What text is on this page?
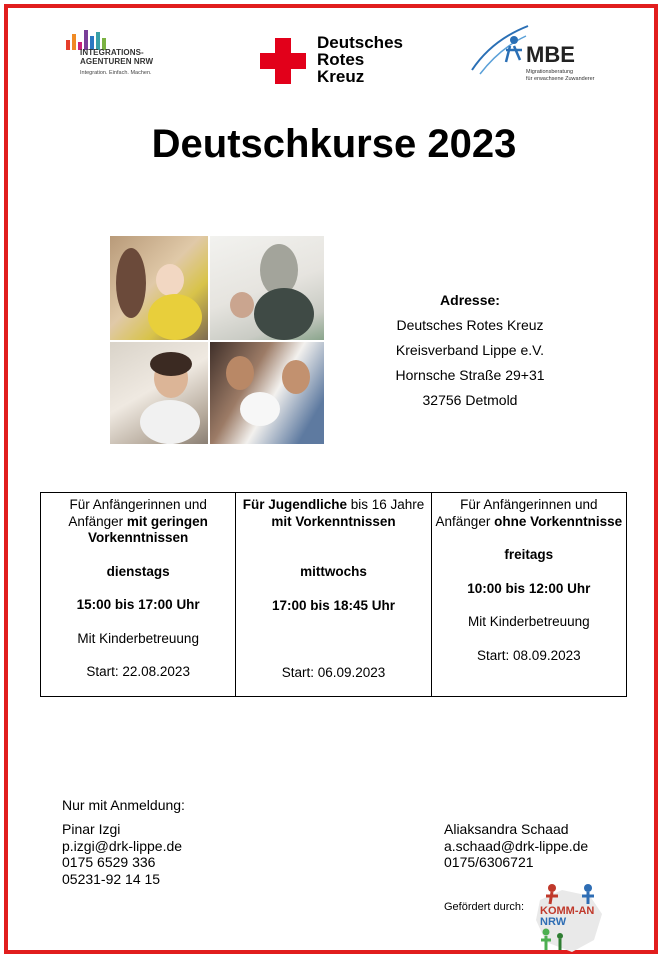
INTEGRATIONS-
AGENTUREN NRW
Integration. Einfach. Machen.
Deutsches
Rotes
Kreuz
MBE
Migrationsberatung
für erwachsene Zuwanderer
Deutschkurse 2023
Adresse:
Deutsches Rotes Kreuz
Kreisverband Lippe e.V.
Hornsche Straße 29+31
32756 Detmold

Für Anfängerinnen und Anfänger mit geringen Vorkenntnissen

dienstags

15:00 bis 17:00 Uhr

Mit Kinderbetreuung

Start: 22.08.2023

Für Jugendliche bis 16 Jahre mit Vorkenntnissen

mittwochs

17:00 bis 18:45 Uhr

Start: 06.09.2023

Für Anfängerinnen und Anfänger ohne Vorkenntnisse

freitags

10:00 bis 12:00 Uhr

Mit Kinderbetreuung

Start: 08.09.2023

Nur mit Anmeldung:
Pinar Izgi
p.izgi@drk-lippe.de
0175 6529 336
05231-92 14 15
Aliaksandra Schaad
a.schaad@drk-lippe.de
0175/6306721
Gefördert durch: KOMM-AN
NRW
